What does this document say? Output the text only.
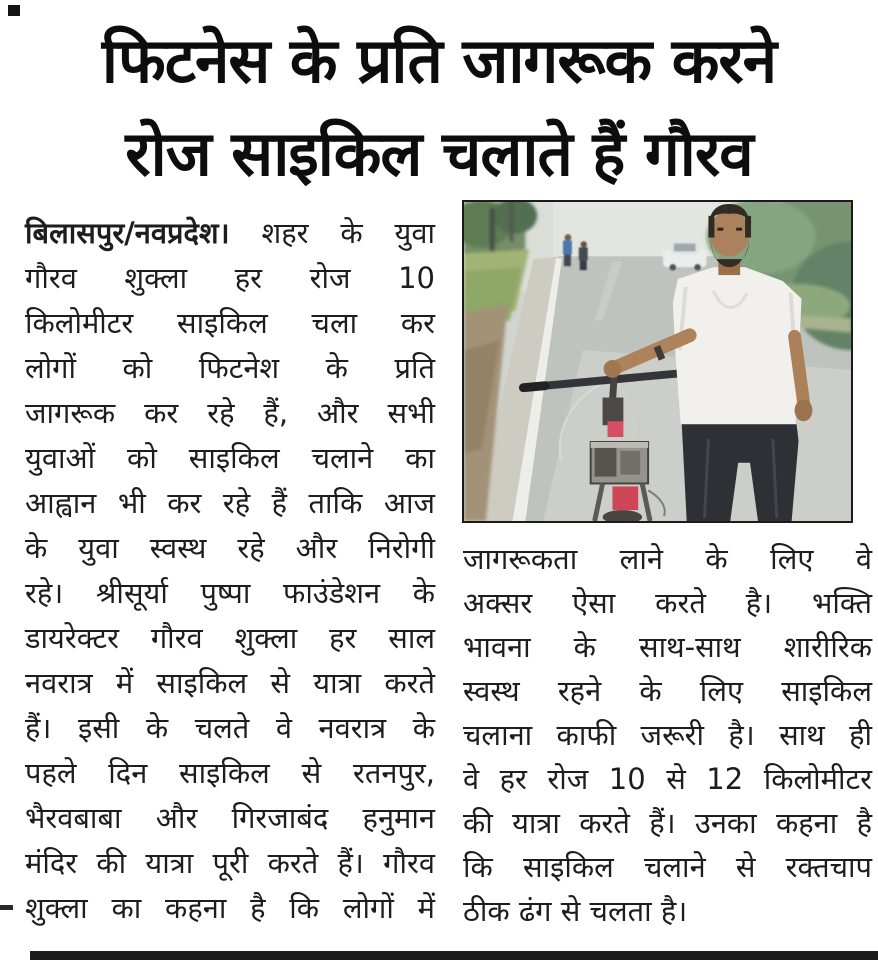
फिटनेस के प्रति जागरूक करने
रोज साइकिल चलाते हैं गौरव
बिलासपुर/नवप्रदेश। शहर के युवा
गौरव शुक्ला हर रोज 10
किलोमीटर साइकिल चला कर
लोगों को फिटनेश के प्रति
जागरूक कर रहे हैं, और सभी
युवाओं को साइकिल चलाने का
आह्वान भी कर रहे हैं ताकि आज
के युवा स्वस्थ रहे और निरोगी
रहे। श्रीसूर्या पुष्पा फाउंडेशन के
डायरेक्टर गौरव शुक्ला हर साल
नवरात्र में साइकिल से यात्रा करते
हैं। इसी के चलते वे नवरात्र के
पहले दिन साइकिल से रतनपुर,
भैरवबाबा और गिरजाबंद हनुमान
मंदिर की यात्रा पूरी करते हैं। गौरव
शुक्ला का कहना है कि लोगों में
जागरूकता लाने के लिए वे
अक्सर ऐसा करते है। भक्ति
भावना के साथ-साथ शारीरिक
स्वस्थ रहने के लिए साइकिल
चलाना काफी जरूरी है। साथ ही
वे हर रोज 10 से 12 किलोमीटर
की यात्रा करते हैं। उनका कहना है
कि साइकिल चलाने से रक्तचाप
ठीक ढंग से चलता है।
